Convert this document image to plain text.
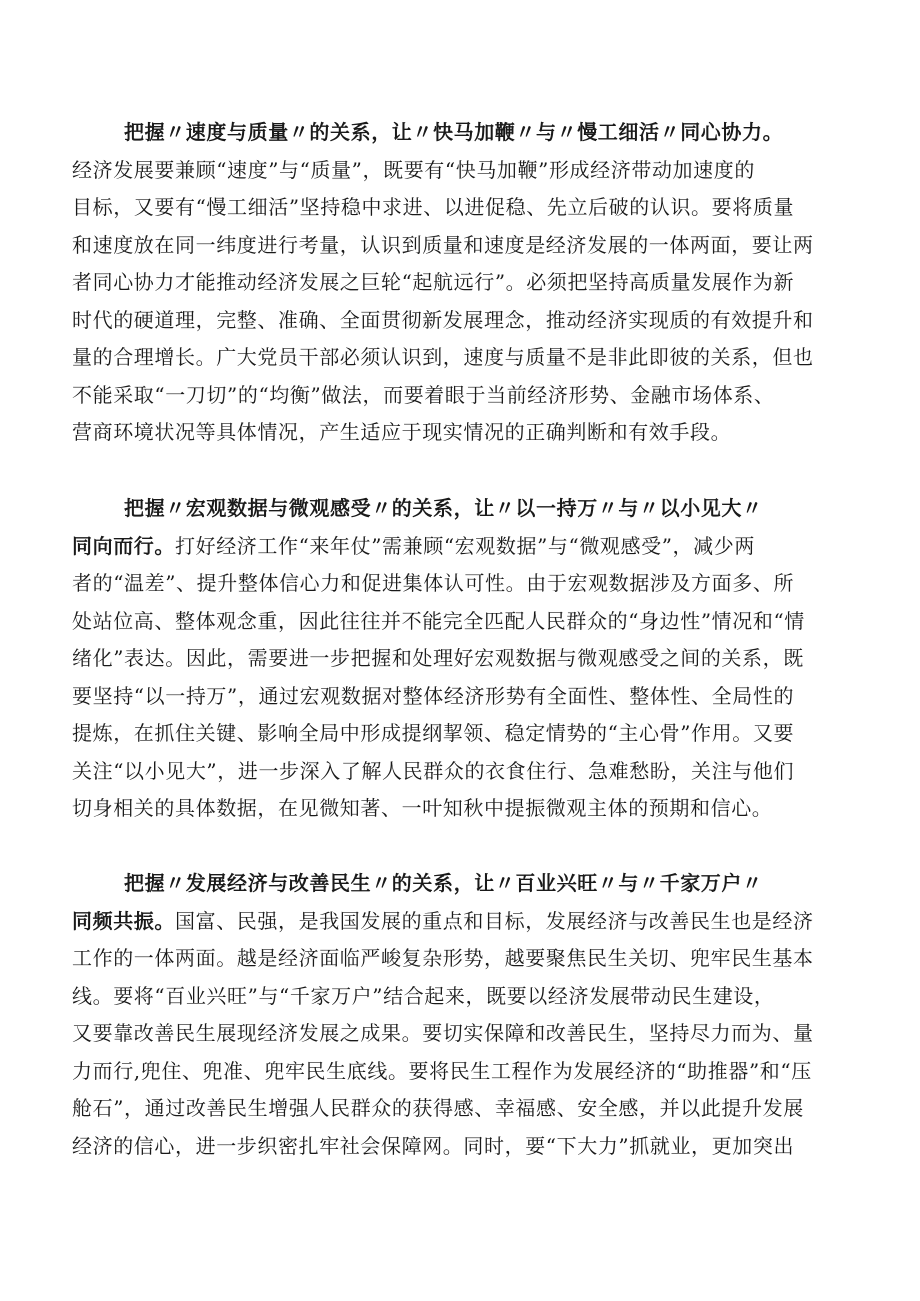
把握〃速度与质量〃的关系，让〃快马加鞭〃与〃慢工细活〃同心协力。
经济发展要兼顾“速度”与“质量”，既要有“快马加鞭”形成经济带动加速度的
目标，又要有“慢工细活”坚持稳中求进、以进促稳、先立后破的认识。要将质量
和速度放在同一纬度进行考量，认识到质量和速度是经济发展的一体两面，要让两
者同心协力才能推动经济发展之巨轮“起航远行”。必须把坚持高质量发展作为新
时代的硬道理，完整、准确、全面贯彻新发展理念，推动经济实现质的有效提升和
量的合理增长。广大党员干部必须认识到，速度与质量不是非此即彼的关系，但也
不能采取“一刀切”的“均衡”做法，而要着眼于当前经济形势、金融市场体系、
营商环境状况等具体情况，产生适应于现实情况的正确判断和有效手段。
把握〃宏观数据与微观感受〃的关系，让〃以一持万〃与〃以小见大〃
同向而行。打好经济工作“来年仗”需兼顾“宏观数据”与“微观感受”，减少两
者的“温差”、提升整体信心力和促进集体认可性。由于宏观数据涉及方面多、所
处站位高、整体观念重，因此往往并不能完全匹配人民群众的“身边性”情况和“情
绪化”表达。因此，需要进一步把握和处理好宏观数据与微观感受之间的关系，既
要坚持“以一持万”，通过宏观数据对整体经济形势有全面性、整体性、全局性的
提炼，在抓住关键、影响全局中形成提纲挈领、稳定情势的“主心骨”作用。又要
关注“以小见大”，进一步深入了解人民群众的衣食住行、急难愁盼，关注与他们
切身相关的具体数据，在见微知著、一叶知秋中提振微观主体的预期和信心。
把握〃发展经济与改善民生〃的关系，让〃百业兴旺〃与〃千家万户〃
同频共振。国富、民强，是我国发展的重点和目标，发展经济与改善民生也是经济
工作的一体两面。越是经济面临严峻复杂形势，越要聚焦民生关切、兜牢民生基本
线。要将“百业兴旺”与“千家万户”结合起来，既要以经济发展带动民生建设，
又要靠改善民生展现经济发展之成果。要切实保障和改善民生，坚持尽力而为、量
力而行,兜住、兜准、兜牢民生底线。要将民生工程作为发展经济的“助推器”和“压
舱石”，通过改善民生增强人民群众的获得感、幸福感、安全感，并以此提升发展
经济的信心，进一步织密扎牢社会保障网。同时，要“下大力”抓就业，更加突出
